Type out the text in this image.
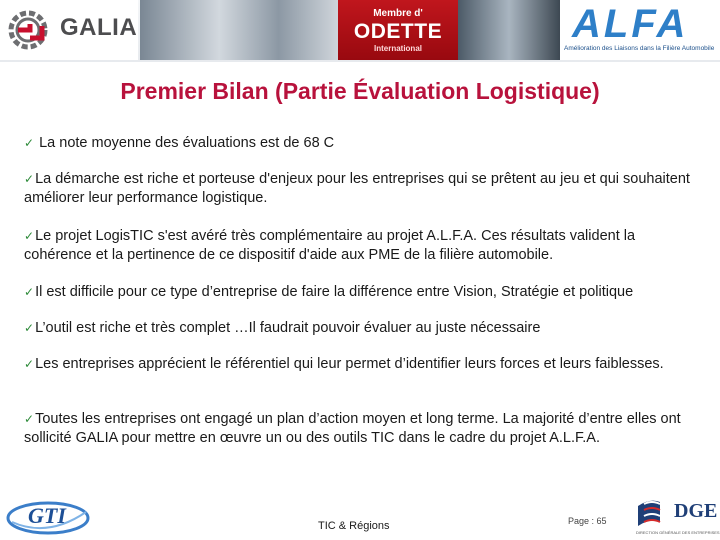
GALIA
Membre d'
ODETTE
International
ALFA
Amélioration des Liaisons dans la Filière Automobile
Premier Bilan (Partie Évaluation Logistique)
✓ La note moyenne des évaluations est de 68 C
✓La démarche est riche et porteuse d'enjeux pour les entreprises qui se prêtent au jeu et qui souhaitent améliorer leur performance logistique.
✓Le projet LogisTIC s'est avéré très complémentaire au projet A.L.F.A. Ces résultats valident la cohérence et la pertinence de ce dispositif d'aide aux PME de la filière automobile.
✓Il est difficile pour ce type d’entreprise de faire la différence entre Vision, Stratégie et politique
✓L’outil est riche et très complet …Il faudrait pouvoir évaluer au juste nécessaire
✓Les entreprises apprécient le référentiel qui leur permet d’identifier leurs forces et leurs faiblesses.
✓Toutes les entreprises ont engagé un plan d’action moyen et long terme. La majorité d’entre elles ont sollicité GALIA pour mettre en œuvre un ou des outils TIC dans le cadre du projet A.L.F.A.
GTI	TIC & Régions	Page : 65	DGE
DIRECTION GÉNÉRALE DES ENTREPRISES
